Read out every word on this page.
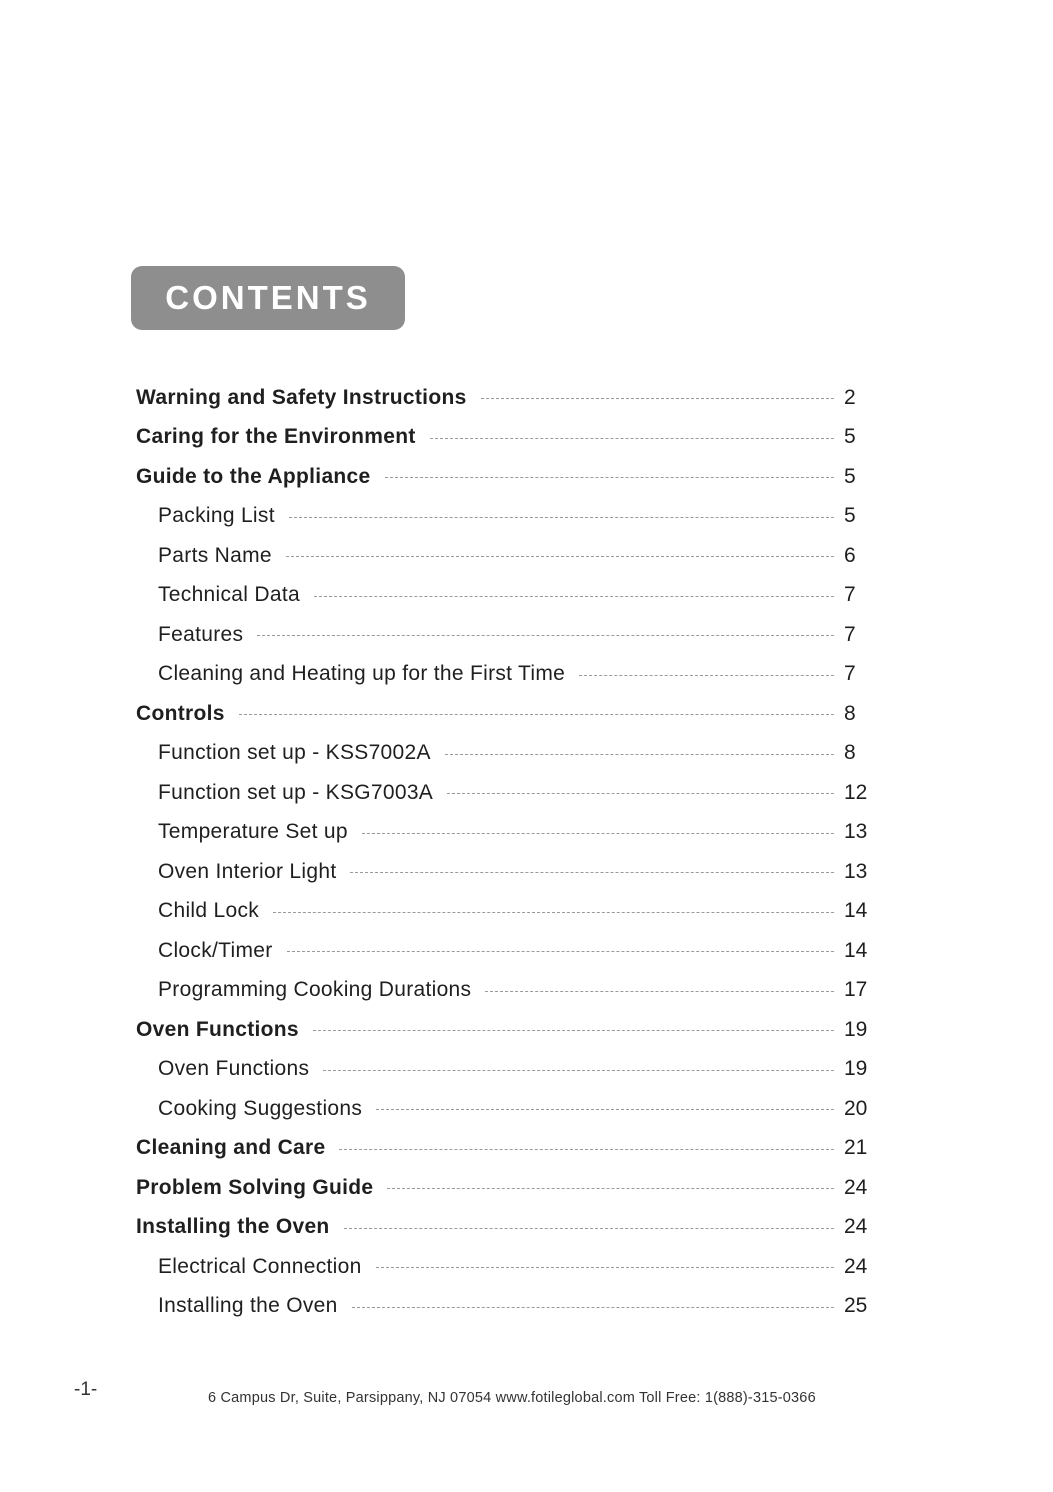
CONTENTS
Warning and Safety Instructions	2
Caring for the Environment	5
Guide to the Appliance	5
Packing List	5
Parts Name	6
Technical Data	7
Features	7
Cleaning and Heating up for the First Time	7
Controls	8
Function set up - KSS7002A	8
Function set up - KSG7003A	12
Temperature Set up	13
Oven Interior Light	13
Child Lock	14
Clock/Timer	14
Programming Cooking Durations	17
Oven Functions	19
Oven Functions	19
Cooking Suggestions	20
Cleaning and Care	21
Problem Solving Guide	24
Installing the Oven	24
Electrical Connection	24
Installing the Oven	25
-1-	6 Campus Dr, Suite, Parsippany, NJ 07054 www.fotileglobal.com Toll Free: 1(888)-315-0366
